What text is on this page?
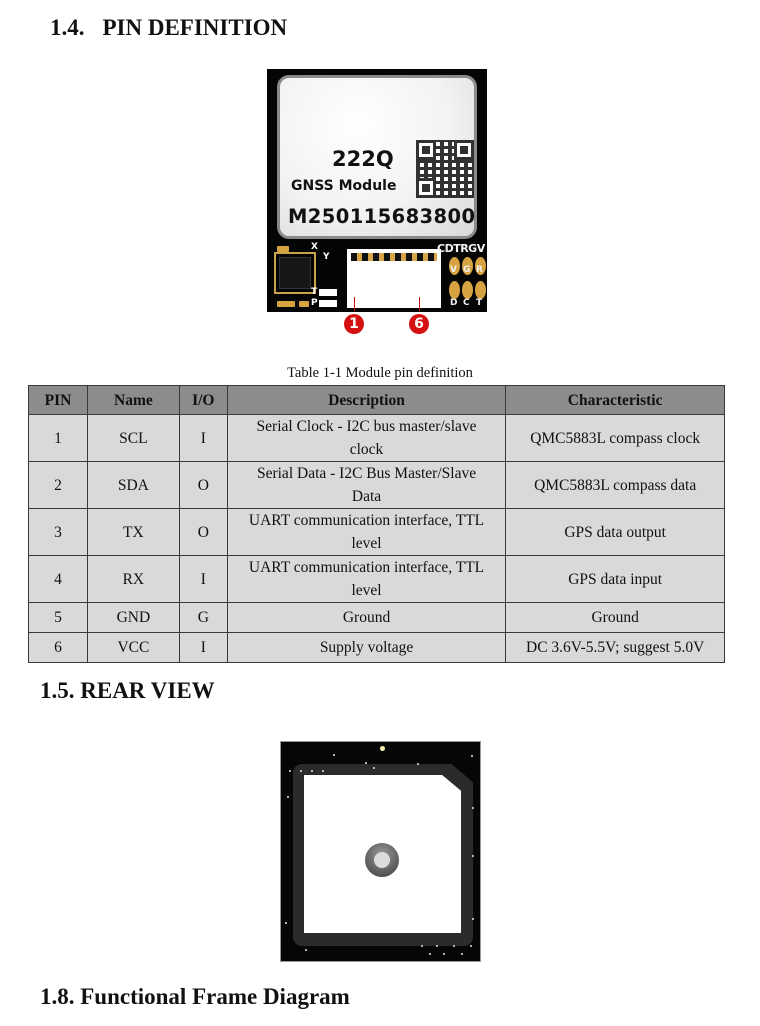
1.4. PIN DEFINITION
222Q
GNSS Module
M250115683800
X
Y
T
P
CDTRGV
V G R
D C T
1	6
Table 1-1 Module pin definition
PIN	Name	I/O	Description	Characteristic
1	SCL	I	Serial Clock - I2C bus master/slave clock	QMC5883L compass clock
2	SDA	O	Serial Data - I2C Bus Master/Slave Data	QMC5883L compass data
3	TX	O	UART communication interface, TTL level	GPS data output
4	RX	I	UART communication interface, TTL level	GPS data input
5	GND	G	Ground	Ground
6	VCC	I	Supply voltage	DC 3.6V-5.5V; suggest 5.0V
1.5. REAR VIEW
1.8. Functional Frame Diagram
